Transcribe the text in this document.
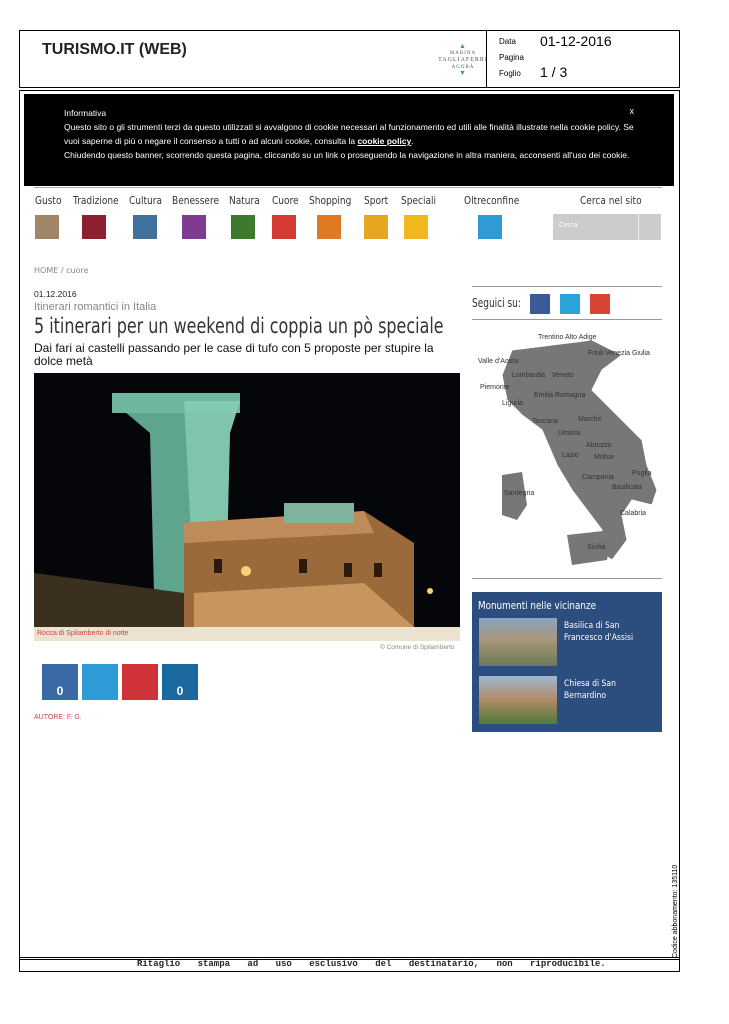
TURISMO.IT (WEB)	▲
MARINA
TAGLIAFERRI
AGORÀ
▼
Data 01-12-2016
Pagina
Foglio 1 / 3
Informativa
Questo sito o gli strumenti terzi da questo utilizzati si avvalgono di cookie necessari al funzionamento ed utili alle finalità illustrate nella cookie policy. Se vuoi saperne di più o negare il consenso a tutti o ad alcuni cookie, consulta la cookie policy.
Chiudendo questo banner, scorrendo questa pagina, cliccando su un link o proseguendo la navigazione in altra maniera, acconsenti all'uso dei cookie.
x
Gusto Tradizione Cultura Benessere Natura Cuore Shopping Sport Speciali	Oltreconfine	Cerca nel sito
Cerca
HOME / cuore
01.12.2016
Itinerari romantici in Italia
5 itinerari per un weekend di coppia un pò speciale
Dai fari ai castelli passando per le case di tufo con 5 proposte per stupire la dolce metà
Rocca di Spilamberto di notte
© Comune di Spilamberto
0	0
AUTORE: F. G.
Seguici su:
Trentino Alto Adige
Friuli Venezia Giulia
Valle d'Aosta
Lombardia Veneto
Piemonte
Emilia Romagna
Liguria
Toscana	Marche
Umbria
Abruzzo
Lazio Molise
Puglia
Campania
Basilicata
Sardegna
Calabria
Sicilia
Monumenti nelle vicinanze
Basilica di San Francesco d'Assisi
Chiesa di San Bernardino
Ritaglio stampa ad uso esclusivo del destinatario, non riproducibile.
Codice abbonamento: 135110
